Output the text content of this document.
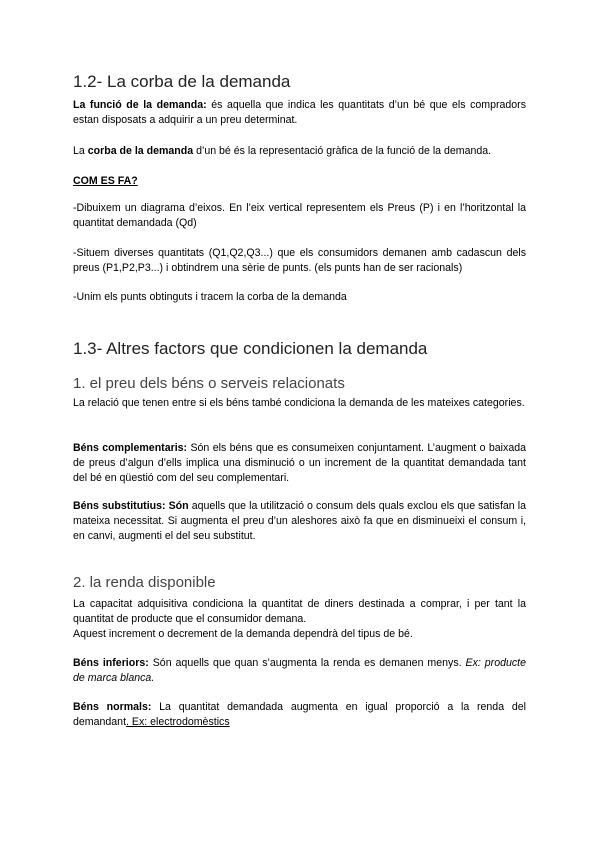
1.2- La corba de la demanda

La funció de la demanda: és aquella que indica les quantitats d’un bé que els compradors estan disposats a adquirir a un preu determinat.

La corba de la demanda d’un bé és la representació gràfica de la funció de la demanda.

COM ES FA?

-Dibuixem un diagrama d’eixos. En l’eix vertical representem els Preus (P) i en l’horitzontal la quantitat demandada (Qd)

-Situem diverses quantitats (Q1,Q2,Q3...) que els consumidors demanen amb cadascun dels preus (P1,P2,P3...) i obtindrem una sèrie de punts. (els punts han de ser racionals)

-Unim els punts obtinguts i tracem la corba de la demanda

1.3- Altres factors que condicionen la demanda
1. el preu dels béns o serveis relacionats

La relació que tenen entre si els béns també condiciona la demanda de les mateixes categories.

Béns complementaris: Són els béns que es consumeixen conjuntament. L’augment o baixada de preus d’algun d’ells implica una disminució o un increment de la quantitat demandada tant del bé en qüestió com del seu complementari.

Béns substitutius: Són aquells que la utilització o consum dels quals exclou els que satisfan la mateixa necessitat. Si augmenta el preu d’un aleshores això fa que en disminueixi el consum i, en canvi, augmenti el del seu substitut.

2. la renda disponible

La capacitat adquisitiva condiciona la quantitat de diners destinada a comprar, i per tant la quantitat de producte que el consumidor demana.

Aquest increment o decrement de la demanda dependrà del tipus de bé.

Béns inferiors: Són aquells que quan s’augmenta la renda es demanen menys. Ex: producte de marca blanca.

Béns normals: La quantitat demandada augmenta en igual proporció a la renda del demandant. Ex: electrodomèstics
